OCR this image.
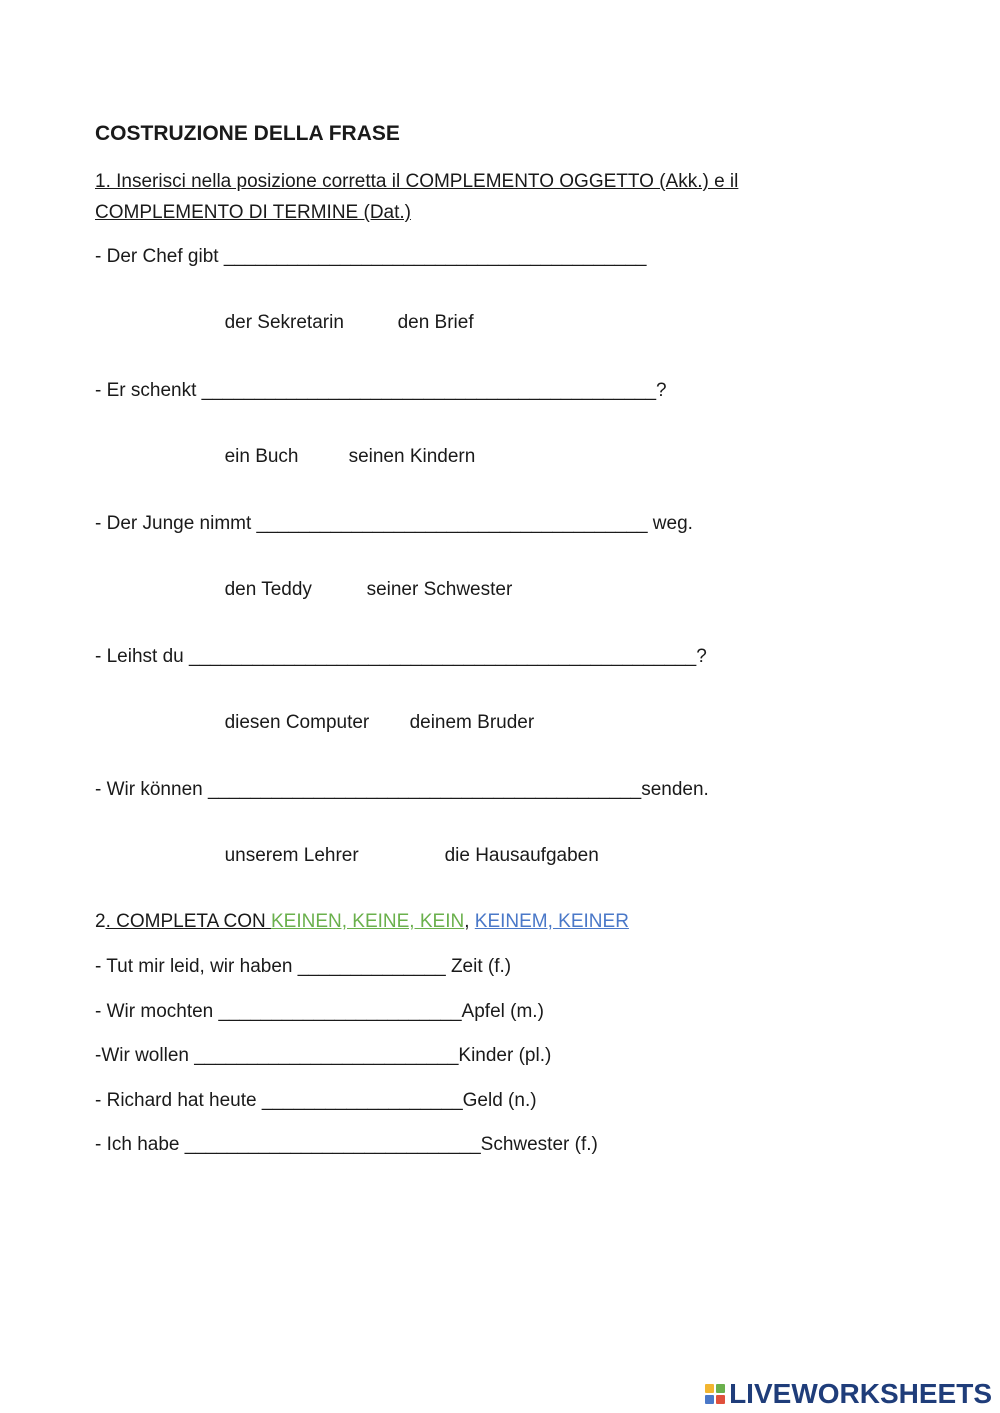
COSTRUZIONE DELLA FRASE
1. Inserisci nella posizione corretta il COMPLEMENTO OGGETTO (Akk.) e il
COMPLEMENTO DI TERMINE (Dat.)
- Der Chef gibt ________________________________________

der Sekretarin	den Brief

- Er schenkt ___________________________________________?

ein Buch	seinen Kindern

- Der Junge nimmt _____________________________________ weg.

den Teddy	seiner Schwester

- Leihst du ________________________________________________?

diesen Computer deinem Bruder

- Wir können _________________________________________senden.

unserem Lehrer	die Hausaufgaben

2. COMPLETA CON KEINEN, KEINE, KEIN, KEINEM, KEINER
- Tut mir leid, wir haben ______________ Zeit (f.)
- Wir mochten _______________________Apfel (m.)
-Wir wollen _________________________Kinder (pl.)
- Richard hat heute ___________________Geld (n.)
- Ich habe ____________________________Schwester (f.)
LIVEWORKSHEETS
